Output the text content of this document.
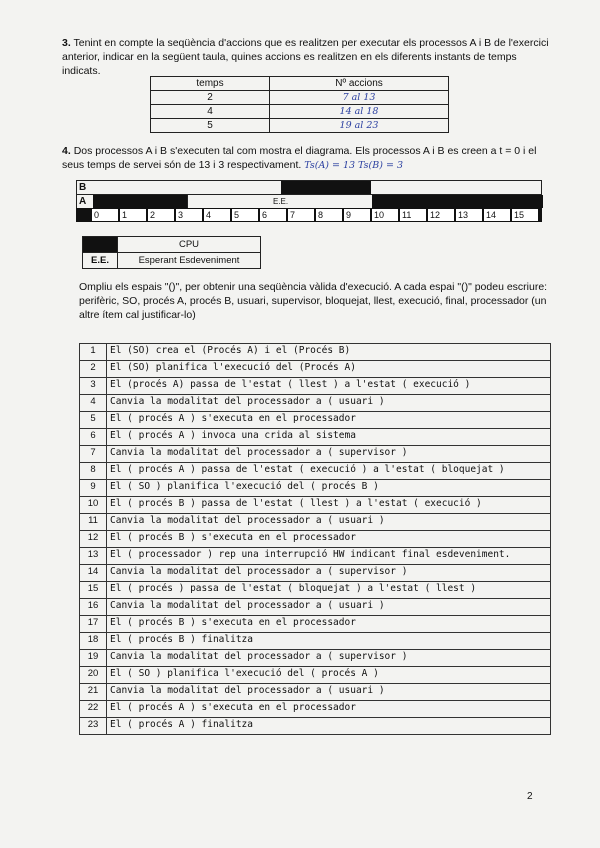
3. Tenint en compte la seqüència d'accions que es realitzen per executar els processos A i B de l'exercici anterior, indicar en la següent taula, quines accions es realitzen en els diferents instants de temps indicats.
temps	Nº accions
2	7 al 13
4	14 al 18
5	19 al 23
4. Dos processos A i B s'executen tal com mostra el diagrama. Els processos A i B es creen a t = 0 i el seus temps de servei són de 13 i 3 respectivament. Ts(A) = 13 Ts(B) = 3
B
A	E.E.
0	1	2	3	4	5	6	7	8	9	10	11	12	13	14	15
	CPU
E.E.	Esperant Esdeveniment
Ompliu els espais "()", per obtenir una seqüència vàlida d'execució. A cada espai "()" podeu escriure: perifèric, SO, procés A, procés B, usuari, supervisor, bloquejat, llest, execució, final, processador (un altre ítem cal justificar-lo)
1	El (SO) crea el (Procés A) i el (Procés B)
2	El (SO) planifica l'execució del (Procés A)
3	El (procés A) passa de l'estat ( llest ) a l'estat ( execució )
4	Canvia la modalitat del processador a ( usuari )
5	El ( procés A ) s'executa en el processador
6	El ( procés A ) invoca una crida al sistema
7	Canvia la modalitat del processador a ( supervisor )
8	El ( procés A ) passa de l'estat ( execució ) a l'estat ( bloquejat )
9	El ( SO ) planifica l'execució del ( procés B )
10	El ( procés B ) passa de l'estat ( llest ) a l'estat ( execució )
11	Canvia la modalitat del processador a ( usuari )
12	El ( procés B ) s'executa en el processador
13	El ( processador ) rep una interrupció HW indicant final esdeveniment.
14	Canvia la modalitat del processador a ( supervisor )
15	El ( procés ) passa de l'estat ( bloquejat ) a l'estat ( llest )
16	Canvia la modalitat del processador a ( usuari )
17	El ( procés B ) s'executa en el processador
18	El ( procés B ) finalitza
19	Canvia la modalitat del processador a ( supervisor )
20	El ( SO ) planifica l'execució del ( procés A )
21	Canvia la modalitat del processador a ( usuari )
22	El ( procés A ) s'executa en el processador
23	El ( procés A ) finalitza
2
